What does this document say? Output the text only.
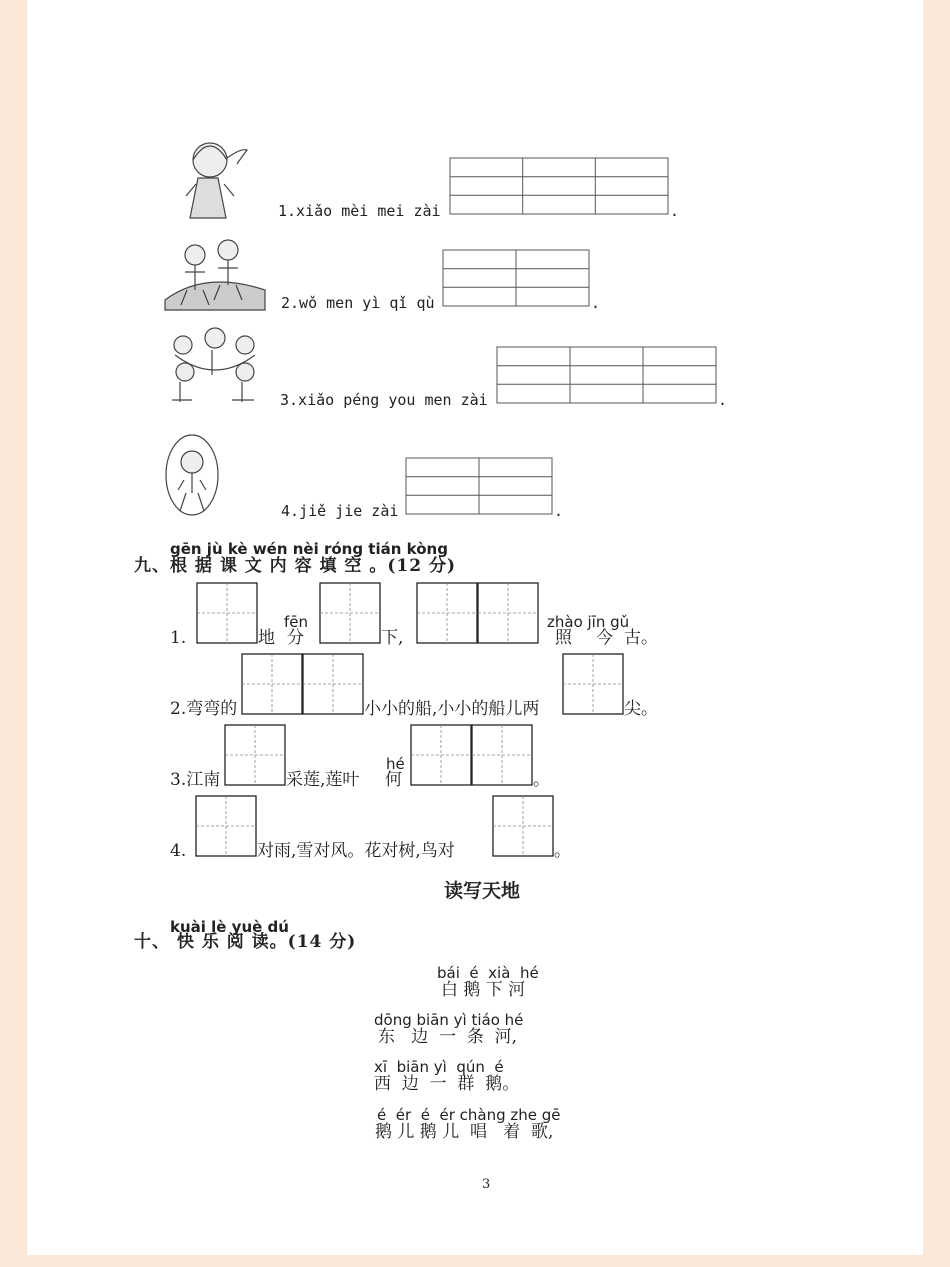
1.xiǎo mèi mei zài	.
2.wǒ men yì qǐ qù	.
3.xiǎo péng you men zài	.
4.jiě jie zài	.
gēn jù kè wén nèi róng tián kòng
九、根 据 课 文 内 容 填 空 。(12 分)
1.	地
fēn
分	下,
zhào jīn gǔ
照 今 古。
2.弯弯的	小小的船,小小的船儿两	尖。
3.江南	采莲,莲叶
hé
何	。
4.	对雨,雪对风。花对树,鸟对	。
读写天地
kuài lè yuè dú
十、 快 乐 阅 读。(14 分)
bái  é  xià  hé
白 鹅 下 河
dōng biān yì tiáo hé
东   边  一  条  河,
xī  biān yì  qún  é
西  边  一  群  鹅。
é  ér  é  ér chàng zhe gē
鹅 儿 鹅 儿  唱   着  歌,
3
